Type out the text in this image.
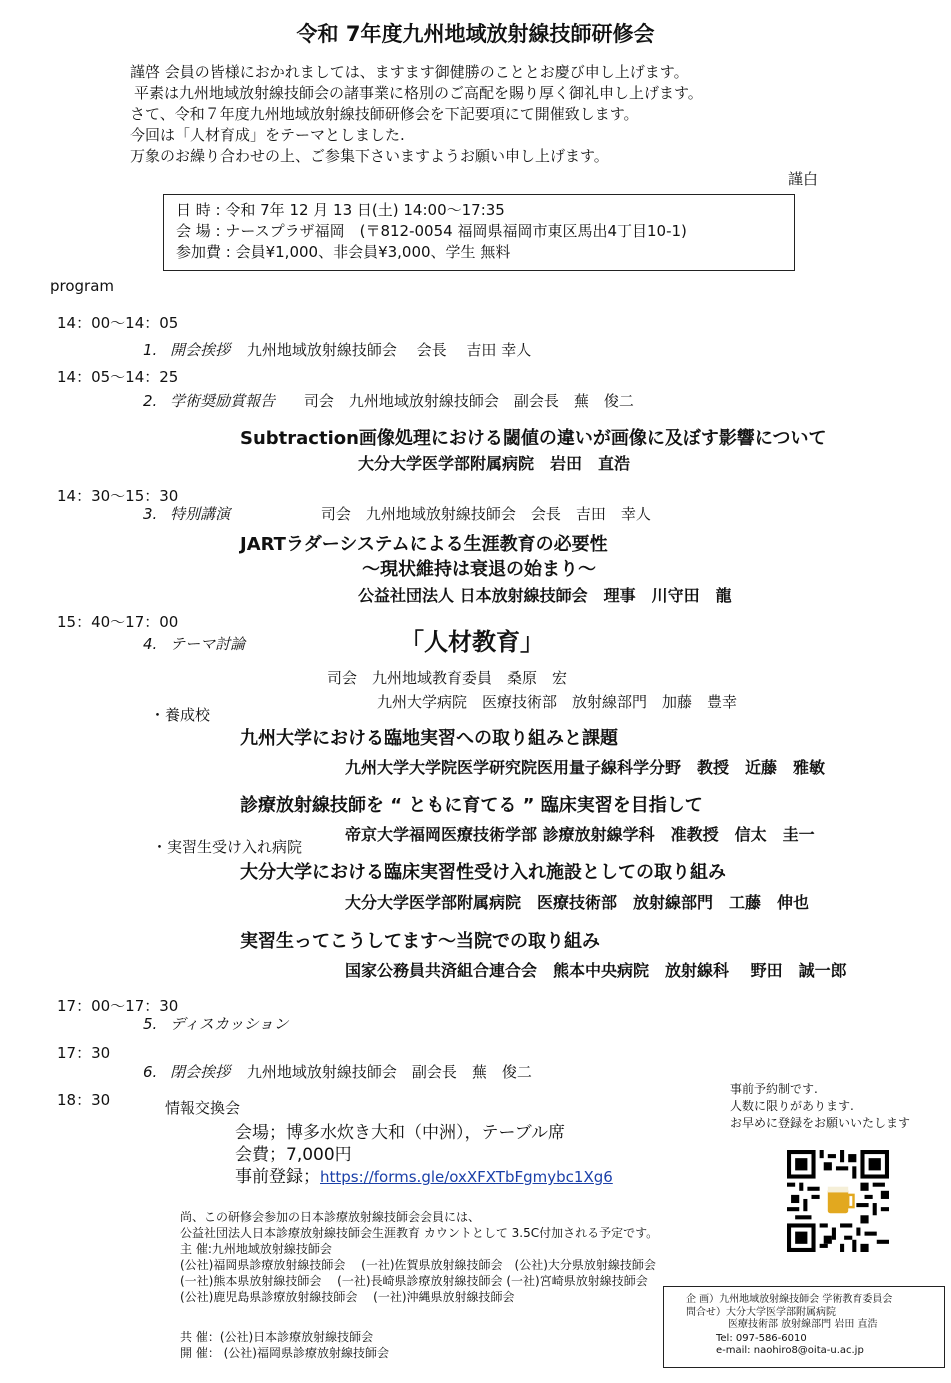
令和 7年度九州地域放射線技師研修会
謹啓 会員の皆様におかれましては、ますます御健勝のこととお慶び申し上げます。
平素は九州地域放射線技師会の諸事業に格別のご高配を賜り厚く御礼申し上げます。
さて、令和７年度九州地域放射線技師研修会を下記要項にて開催致します。
今回は「人材育成」をテーマとしました.
万象のお繰り合わせの上、ご参集下さいますようお願い申し上げます。
謹白
日 時 : 令和 7年 12 月 13 日(土) 14:00～17:35
会 場 : ナースプラザ福岡　(〒812-0054 福岡県福岡市東区馬出4丁目10-1)
参加費 : 会員¥1,000、非会員¥3,000、学生 無料
program
14：00～14：05
1. 開会挨拶 九州地域放射線技師会　 会長　 吉田 幸人
14：05～14：25
2. 学術奨励賞報告 司会　九州地域放射線技師会　副会長　蕪　俊二
Subtraction画像処理における閾値の違いが画像に及ぼす影響について
大分大学医学部附属病院　岩田　直浩
14：30～15：30
3. 特別講演	司会　九州地域放射線技師会　会長　吉田　幸人
JARTラダーシステムによる生涯教育の必要性
～現状維持は衰退の始まり～
公益社団法人 日本放射線技師会　理事　川守田　龍
15：40～17：00
4. テーマ討論	「人材教育」
司会　九州地域教育委員　桑原　宏
九州大学病院　医療技術部　放射線部門　加藤　豊幸
・養成校
九州大学における臨地実習への取り組みと課題
九州大学大学院医学研究院医用量子線科学分野　教授　近藤　雅敏
診療放射線技師を “ ともに育てる ” 臨床実習を目指して
帝京大学福岡医療技術学部 診療放射線学科　准教授　信太　圭一
・実習生受け入れ病院
大分大学における臨床実習性受け入れ施設としての取り組み
大分大学医学部附属病院　医療技術部　放射線部門　工藤　伸也
実習生ってこうしてます～当院での取り組み
国家公務員共済組合連合会　熊本中央病院　放射線科　 野田　誠一郎
17：00～17：30
5. ディスカッション
17：30
6. 閉会挨拶 九州地域放射線技師会　副会長　蕪　俊二
18：30	情報交換会
会場；博多水炊き大和（中洲），テーブル席
会費；7,000円
事前登録；https://forms.gle/oxXFXTbFgmybc1Xg6
事前予約制です.
人数に限りがあります.
お早めに登録をお願いいたします
尚、この研修会参加の日本診療放射線技師会会員には、
公益社団法人日本診療放射線技師会生涯教育 カウントとして 3.5C付加される予定です。
主 催:九州地域放射線技師会
(公社)福岡県診療放射線技師会　 (一社)佐賀県放射線技師会　(公社)大分県放射線技師会
(一社)熊本県放射線技師会　 (一社)長崎県診療放射線技師会 (一社)宮崎県放射線技師会
(公社)鹿児島県診療放射線技師会　 (一社)沖縄県放射線技師会
共 催：(公社)日本診療放射線技師会
開 催： (公社)福岡県診療放射線技師会
企 画）九州地域放射線技師会 学術教育委員会
問合せ）大分大学医学部附属病院
医療技術部 放射線部門 岩田 直浩
Tel: 097-586-6010
e-mail: naohiro8@oita-u.ac.jp
